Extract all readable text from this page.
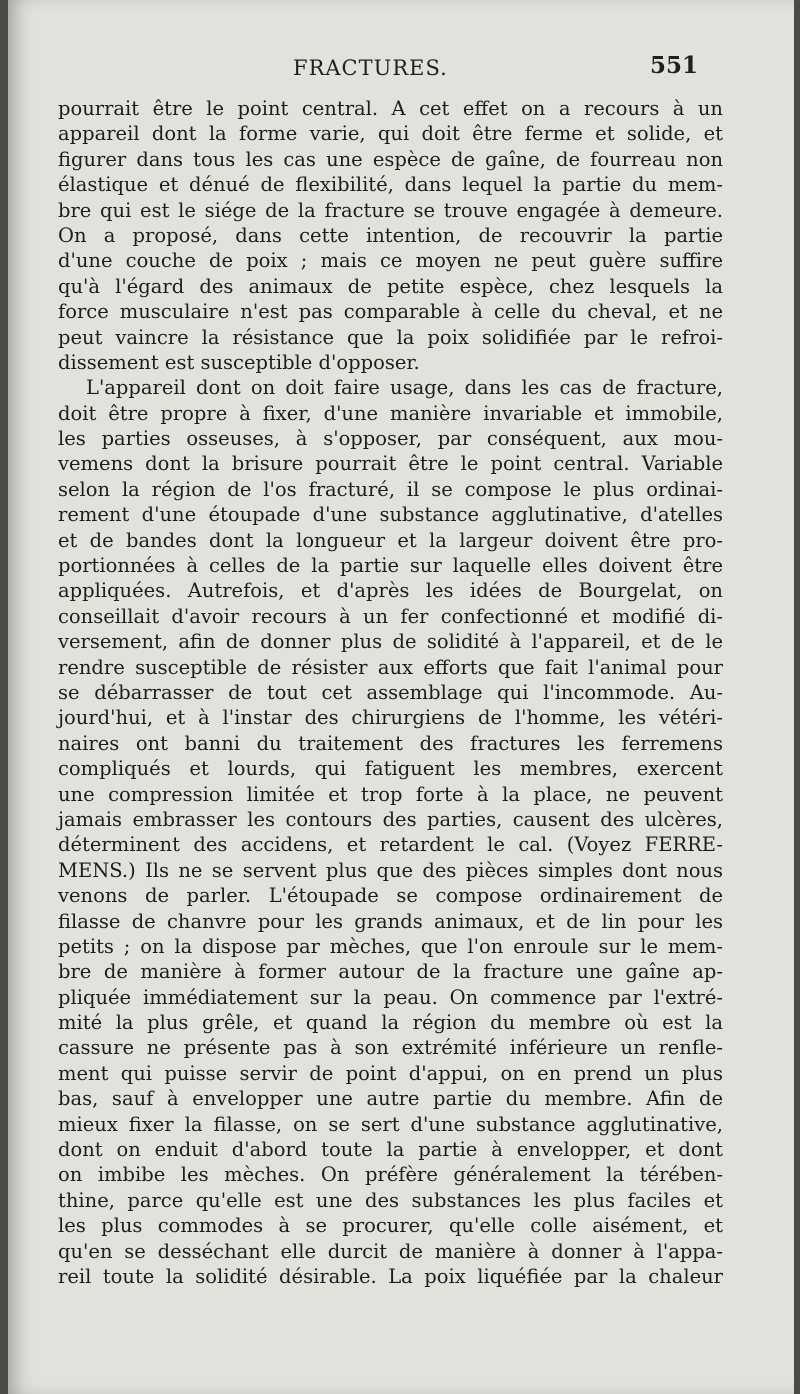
FRACTURES.	551
pourrait être le point central. A cet effet on a recours à un
appareil dont la forme varie, qui doit être ferme et solide, et
figurer dans tous les cas une espèce de gaîne, de fourreau non
élastique et dénué de flexibilité, dans lequel la partie du mem-
bre qui est le siége de la fracture se trouve engagée à demeure.
On a proposé, dans cette intention, de recouvrir la partie
d'une couche de poix ; mais ce moyen ne peut guère suffire
qu'à l'égard des animaux de petite espèce, chez lesquels la
force musculaire n'est pas comparable à celle du cheval, et ne
peut vaincre la résistance que la poix solidifiée par le refroi-
dissement est susceptible d'opposer.
L'appareil dont on doit faire usage, dans les cas de fracture,
doit être propre à fixer, d'une manière invariable et immobile,
les parties osseuses, à s'opposer, par conséquent, aux mou-
vemens dont la brisure pourrait être le point central. Variable
selon la région de l'os fracturé, il se compose le plus ordinai-
rement d'une étoupade d'une substance agglutinative, d'atelles
et de bandes dont la longueur et la largeur doivent être pro-
portionnées à celles de la partie sur laquelle elles doivent être
appliquées. Autrefois, et d'après les idées de Bourgelat, on
conseillait d'avoir recours à un fer confectionné et modifié di-
versement, afin de donner plus de solidité à l'appareil, et de le
rendre susceptible de résister aux efforts que fait l'animal pour
se débarrasser de tout cet assemblage qui l'incommode. Au-
jourd'hui, et à l'instar des chirurgiens de l'homme, les vétéri-
naires ont banni du traitement des fractures les ferremens
compliqués et lourds, qui fatiguent les membres, exercent
une compression limitée et trop forte à la place, ne peuvent
jamais embrasser les contours des parties, causent des ulcères,
déterminent des accidens, et retardent le cal. (Voyez FERRE-
MENS.) Ils ne se servent plus que des pièces simples dont nous
venons de parler. L'étoupade se compose ordinairement de
filasse de chanvre pour les grands animaux, et de lin pour les
petits ; on la dispose par mèches, que l'on enroule sur le mem-
bre de manière à former autour de la fracture une gaîne ap-
pliquée immédiatement sur la peau. On commence par l'extré-
mité la plus grêle, et quand la région du membre où est la
cassure ne présente pas à son extrémité inférieure un renfle-
ment qui puisse servir de point d'appui, on en prend un plus
bas, sauf à envelopper une autre partie du membre. Afin de
mieux fixer la filasse, on se sert d'une substance agglutinative,
dont on enduit d'abord toute la partie à envelopper, et dont
on imbibe les mèches. On préfère généralement la térében-
thine, parce qu'elle est une des substances les plus faciles et
les plus commodes à se procurer, qu'elle colle aisément, et
qu'en se desséchant elle durcit de manière à donner à l'appa-
reil toute la solidité désirable. La poix liquéfiée par la chaleur
